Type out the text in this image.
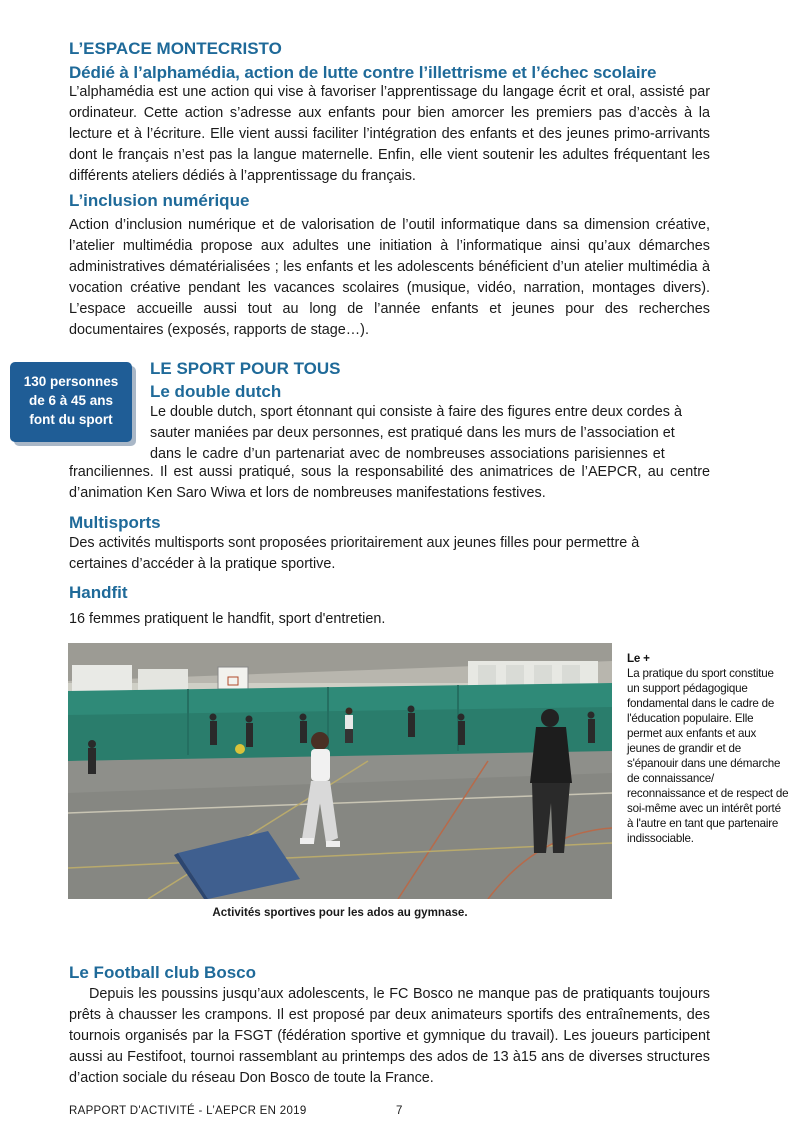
L’ESPACE MONTECRISTO
Dédié à l’alphamédia, action de lutte contre l’illettrisme et l’échec scolaire
L’alphamédia est une action qui vise à favoriser l’apprentissage du langage écrit et oral, assisté par ordinateur. Cette action s’adresse aux enfants pour bien amorcer les premiers pas d’accès à la lecture et à l’écriture. Elle vient aussi faciliter l’intégration des enfants et des jeunes primo-arrivants dont le français n’est pas la langue maternelle. Enfin, elle vient soutenir les adultes fréquentant les différents ateliers dédiés à l’apprentissage du français.
L’inclusion numérique
Action d’inclusion numérique et de valorisation de l’outil informatique dans sa dimension créative, l’atelier multimédia propose aux adultes une initiation à l’informatique ainsi qu’aux démarches administratives dématérialisées ; les enfants et les adolescents bénéficient d’un atelier multimédia à vocation créative pendant les vacances scolaires (musique, vidéo, narration, montages divers). L’espace accueille aussi tout au long de l’année enfants et jeunes pour des recherches documentaires (exposés, rapports de stage…).
130 personnes
de 6 à 45 ans
font du sport
LE SPORT POUR TOUS
Le double dutch
Le double dutch, sport étonnant qui consiste à faire des figures entre deux cordes à
sauter maniées par deux personnes, est pratiqué dans les murs de l’association et
dans le cadre d’un partenariat avec de nombreuses associations parisiennes et
franciliennes. Il est aussi pratiqué, sous la responsabilité des animatrices de l’AEPCR, au centre d’animation Ken Saro Wiwa et lors de nombreuses manifestations festives.
Multisports
Des activités multisports sont proposées prioritairement aux jeunes filles pour permettre à certaines d’accéder à la pratique sportive.
Handfit
16 femmes pratiquent le handfit, sport d'entretien.
Le +
La pratique du sport constitue un support pédagogique fondamental dans le cadre de l'éducation populaire. Elle permet aux enfants et aux jeunes de grandir et de s'épanouir dans une démarche de connaissance/ reconnaissance et de respect de soi-même avec un intérêt porté à l'autre en tant que partenaire indissociable.
Activités sportives pour les ados au gymnase.
Le Football club Bosco
Depuis les poussins jusqu’aux adolescents, le FC Bosco ne manque pas de pratiquants toujours prêts à chausser les crampons. Il est proposé par deux animateurs sportifs des entraînements, des tournois organisés par la FSGT (fédération sportive et gymnique du travail). Les joueurs participent aussi au Festifoot, tournoi rassemblant au printemps des ados de 13 à15 ans de diverses structures d’action sociale du réseau Don Bosco de toute la France.
RAPPORT D'ACTIVITÉ - L’AEPCR EN 2019	7
